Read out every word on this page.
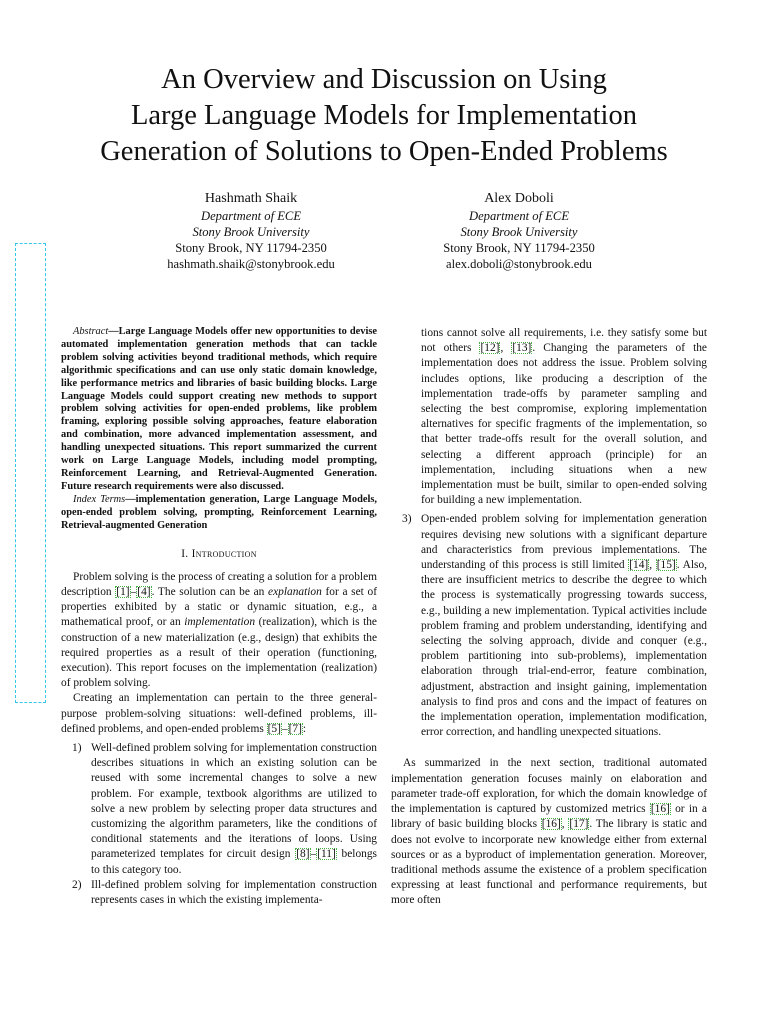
An Overview and Discussion on Using
Large Language Models for Implementation
Generation of Solutions to Open-Ended Problems
Hashmath Shaik
Department of ECE
Stony Brook University
Stony Brook, NY 11794-2350
hashmath.shaik@stonybrook.edu
Alex Doboli
Department of ECE
Stony Brook University
Stony Brook, NY 11794-2350
alex.doboli@stonybrook.edu

Abstract—Large Language Models offer new opportunities to devise automated implementation generation methods that can tackle problem solving activities beyond traditional methods, which require algorithmic specifications and can use only static domain knowledge, like performance metrics and libraries of basic building blocks. Large Language Models could support creating new methods to support problem solving activities for open-ended problems, like problem framing, exploring possible solving approaches, feature elaboration and combination, more advanced implementation assessment, and handling unexpected situations. This report summarized the current work on Large Language Models, including model prompting, Reinforcement Learning, and Retrieval-Augmented Generation. Future research requirements were also discussed.

Index Terms—implementation generation, Large Language Models, open-ended problem solving, prompting, Reinforcement Learning, Retrieval-augmented Generation

I. Introduction

Problem solving is the process of creating a solution for a problem description [1]–[4]. The solution can be an explanation for a set of properties exhibited by a static or dynamic situation, e.g., a mathematical proof, or an implementation (realization), which is the construction of a new materialization (e.g., design) that exhibits the required properties as a result of their operation (functioning, execution). This report focuses on the implementation (realization) of problem solving.

Creating an implementation can pertain to the three general-purpose problem-solving situations: well-defined problems, ill-defined problems, and open-ended problems [5]–[7]:

1) Well-defined problem solving for implementation construction describes situations in which an existing solution can be reused with some incremental changes to solve a new problem. For example, textbook algorithms are utilized to solve a new problem by selecting proper data structures and customizing the algorithm parameters, like the conditions of conditional statements and the iterations of loops. Using parameterized templates for circuit design [8]–[11] belongs to this category too.
2) Ill-defined problem solving for implementation construction represents cases in which the existing implementa-

tions cannot solve all requirements, i.e. they satisfy some but not others [12], [13]. Changing the parameters of the implementation does not address the issue. Problem solving includes options, like producing a description of the implementation trade-offs by parameter sampling and selecting the best compromise, exploring implementation alternatives for specific fragments of the implementation, so that better trade-offs result for the overall solution, and selecting a different approach (principle) for an implementation, including situations when a new implementation must be built, similar to open-ended solving for building a new implementation.

3) Open-ended problem solving for implementation generation requires devising new solutions with a significant departure and characteristics from previous implementations. The understanding of this process is still limited [14], [15]. Also, there are insufficient metrics to describe the degree to which the process is systematically progressing towards success, e.g., building a new implementation. Typical activities include problem framing and problem understanding, identifying and selecting the solving approach, divide and conquer (e.g., problem partitioning into sub-problems), implementation elaboration through trial-end-error, feature combination, adjustment, abstraction and insight gaining, implementation analysis to find pros and cons and the impact of features on the implementation operation, implementation modification, error correction, and handling unexpected situations.

As summarized in the next section, traditional automated implementation generation focuses mainly on elaboration and parameter trade-off exploration, for which the domain knowledge of the implementation is captured by customized metrics [16] or in a library of basic building blocks [16], [17]. The library is static and does not evolve to incorporate new knowledge either from external sources or as a byproduct of implementation generation. Moreover, traditional methods assume the existence of a problem specification expressing at least functional and performance requirements, but more often
